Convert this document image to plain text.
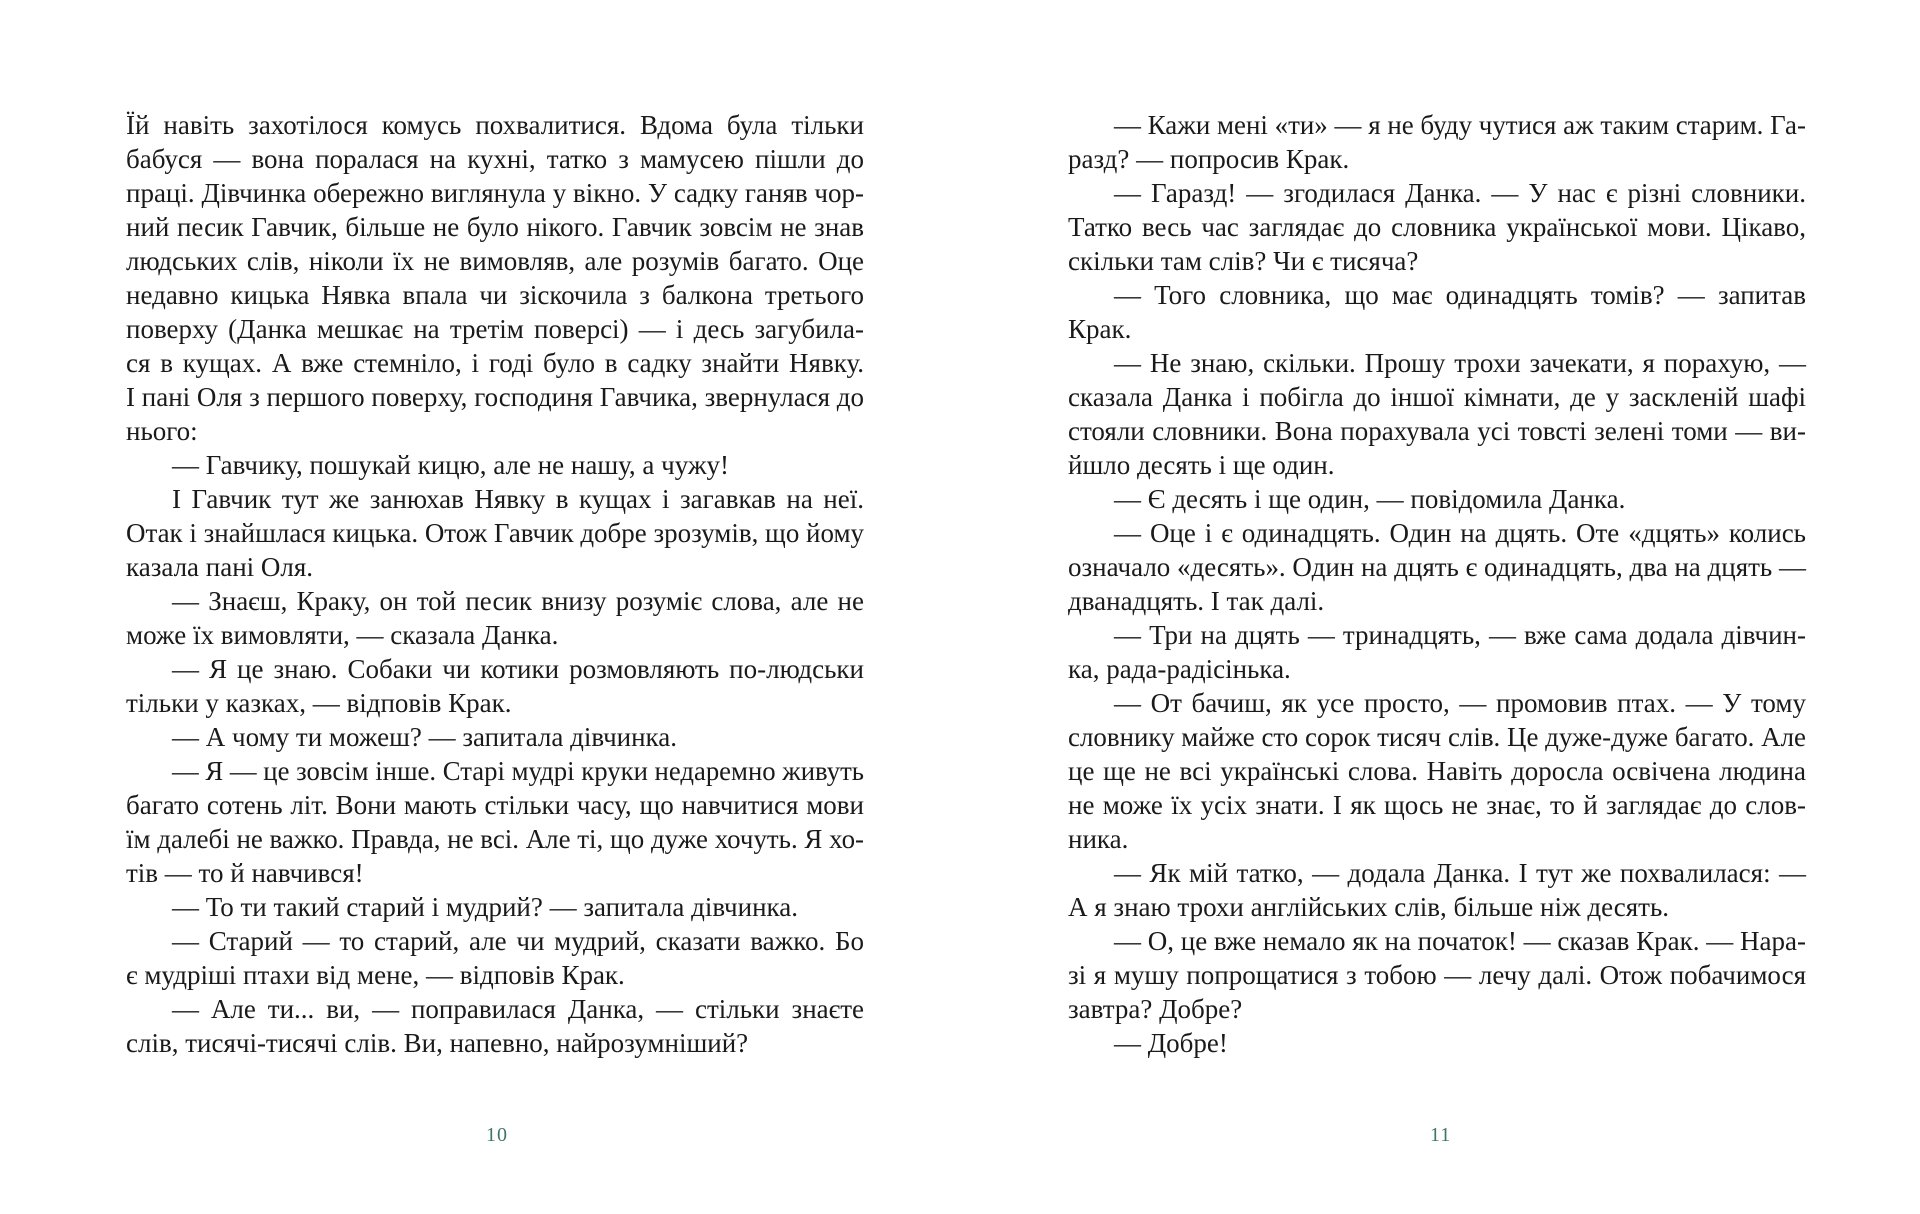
Їй навіть захотілося комусь похвалитися. Вдома була тільки
бабуся — вона поралася на кухні, татко з мамусею пішли до
праці. Дівчинка обережно виглянула у вікно. У садку ганяв чор-
ний песик Гавчик, більше не було нікого. Гавчик зовсім не знав
людських слів, ніколи їх не вимовляв, але розумів багато. Оце
недавно кицька Нявка впала чи зіскочила з балкона третього
поверху (Данка мешкає на третім поверсі) — і десь загубила-
ся в кущах. А вже стемніло, і годі було в садку знайти Нявку.
І пані Оля з першого поверху, господиня Гавчика, звернулася до
нього:
— Гавчику, пошукай кицю, але не нашу, а чужу!
І Гавчик тут же занюхав Нявку в кущах і загавкав на неї.
Отак і знайшлася кицька. Отож Гавчик добре зрозумів, що йому
казала пані Оля.
— Знаєш, Краку, он той песик внизу розуміє слова, але не
може їх вимовляти, — сказала Данка.
— Я це знаю. Собаки чи котики розмовляють по-людськи
тільки у казках, — відповів Крак.
— А чому ти можеш? — запитала дівчинка.
— Я — це зовсім інше. Старі мудрі круки недаремно живуть
багато сотень літ. Вони мають стільки часу, що навчитися мови
їм далебі не важко. Правда, не всі. Але ті, що дуже хочуть. Я хо-
тів — то й навчився!
— То ти такий старий і мудрий? — запитала дівчинка.
— Старий — то старий, але чи мудрий, сказати важко. Бо
є мудріші птахи від мене, — відповів Крак.
— Але ти... ви, — поправилася Данка, — стільки знаєте
слів, тисячі-тисячі слів. Ви, напевно, найрозумніший?
10
— Кажи мені «ти» — я не буду чутися аж таким старим. Га-
разд? — попросив Крак.
— Гаразд! — згодилася Данка. — У нас є різні словники.
Татко весь час заглядає до словника української мови. Цікаво,
скільки там слів? Чи є тисяча?
— Того словника, що має одинадцять томів? — запитав
Крак.
— Не знаю, скільки. Прошу трохи зачекати, я порахую, —
сказала Данка і побігла до іншої кімнати, де у заскленій шафі
стояли словники. Вона порахувала усі товсті зелені томи — ви-
йшло десять і ще один.
— Є десять і ще один, — повідомила Данка.
— Оце і є одинадцять. Один на дцять. Оте «дцять» колись
означало «десять». Один на дцять є одинадцять, два на дцять —
дванадцять. І так далі.
— Три на дцять — тринадцять, — вже сама додала дівчин-
ка, рада-радісінька.
— От бачиш, як усе просто, — промовив птах. — У тому
словнику майже сто сорок тисяч слів. Це дуже-дуже багато. Але
це ще не всі українські слова. Навіть доросла освічена людина
не може їх усіх знати. І як щось не знає, то й заглядає до слов-
ника.
— Як мій татко, — додала Данка. І тут же похвалилася: —
А я знаю трохи англійських слів, більше ніж десять.
— О, це вже немало як на початок! — сказав Крак. — Нара-
зі я мушу попрощатися з тобою — лечу далі. Отож побачимося
завтра? Добре?
— Добре!
11
